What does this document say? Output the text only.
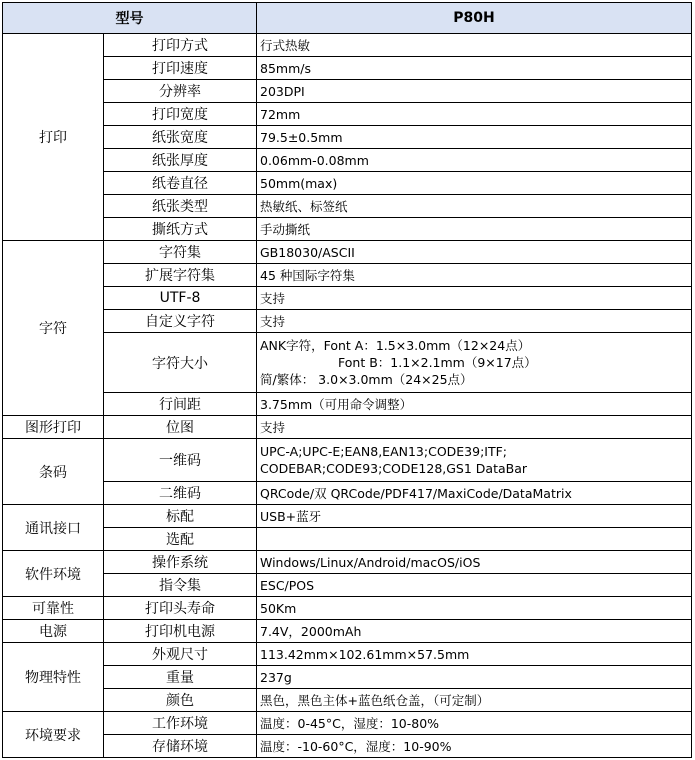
型号		P80H
打印	打印方式	行式热敏
	打印速度	85mm/s
	分辨率	203DPI
	打印宽度	72mm
	纸张宽度	79.5±0.5mm
	纸张厚度	0.06mm-0.08mm
	纸卷直径	50mm(max)
	纸张类型	热敏纸、标签纸
	撕纸方式	手动撕纸
字符	字符集	GB18030/ASCII
	扩展字符集	45 种国际字符集
	UTF-8	支持
	自定义字符	支持
	字符大小	ANK字符，Font A：1.5×3.0mm（12×24点）
Font B：1.1×2.1mm（9×17点）
简/繁体： 3.0×3.0mm（24×25点）

	行间距	3.75mm（可用命令调整）
图形打印	位图	支持
条码	一维码	UPC-A;UPC-E;EAN8,EAN13;CODE39;ITF;
CODEBAR;CODE93;CODE128,GS1 DataBar

	二维码	QRCode/双 QRCode/PDF417/MaxiCode/DataMatrix
通讯接口	标配	USB+蓝牙
	选配	
软件环境	操作系统	Windows/Linux/Android/macOS/iOS
	指令集	ESC/POS
可靠性	打印头寿命	50Km
电源	打印机电源	7.4V，2000mAh
物理特性	外观尺寸	113.42mm×102.61mm×57.5mm
	重量	237g
	颜色	黑色，黑色主体+蓝色纸仓盖，（可定制）
环境要求	工作环境	温度：0-45°C，湿度：10-80%
	存储环境	温度：-10-60°C，湿度：10-90%
